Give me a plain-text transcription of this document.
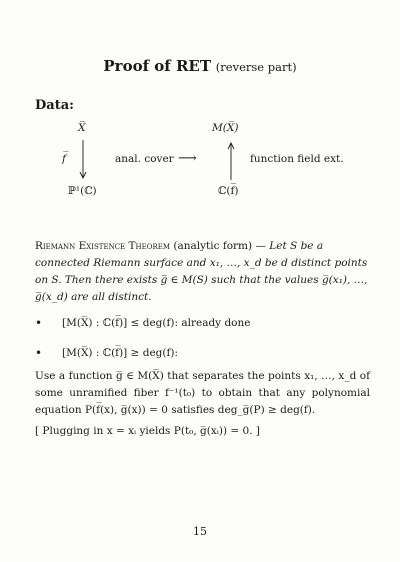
Proof of RET (reverse part)
Data:
X̅	M(X̅)
f̅	anal. cover ⟶	function field ext.
ℙ¹(ℂ)	ℂ(f̅)
Riemann Existence Theorem (analytic form) — Let S be a connected Riemann surface and x₁, …, x_d be d distinct points on S. Then there exists g̅ ∈ M(S) such that the values g̅(x₁), …, g̅(x_d) are all distinct.
• [M(X̅) : ℂ(f̅)] ≤ deg(f): already done
• [M(X̅) : ℂ(f̅)] ≥ deg(f):
Use a function g̅ ∈ M(X̅) that separates the points x₁, …, x_d of some unramified fiber f⁻¹(t₀) to obtain that any polynomial equation P(f̅(x), g̅(x)) = 0 satisfies deg_g̅(P) ≥ deg(f).
[ Plugging in x = xᵢ yields P(t₀, g̅(xᵢ)) = 0. ]
15
